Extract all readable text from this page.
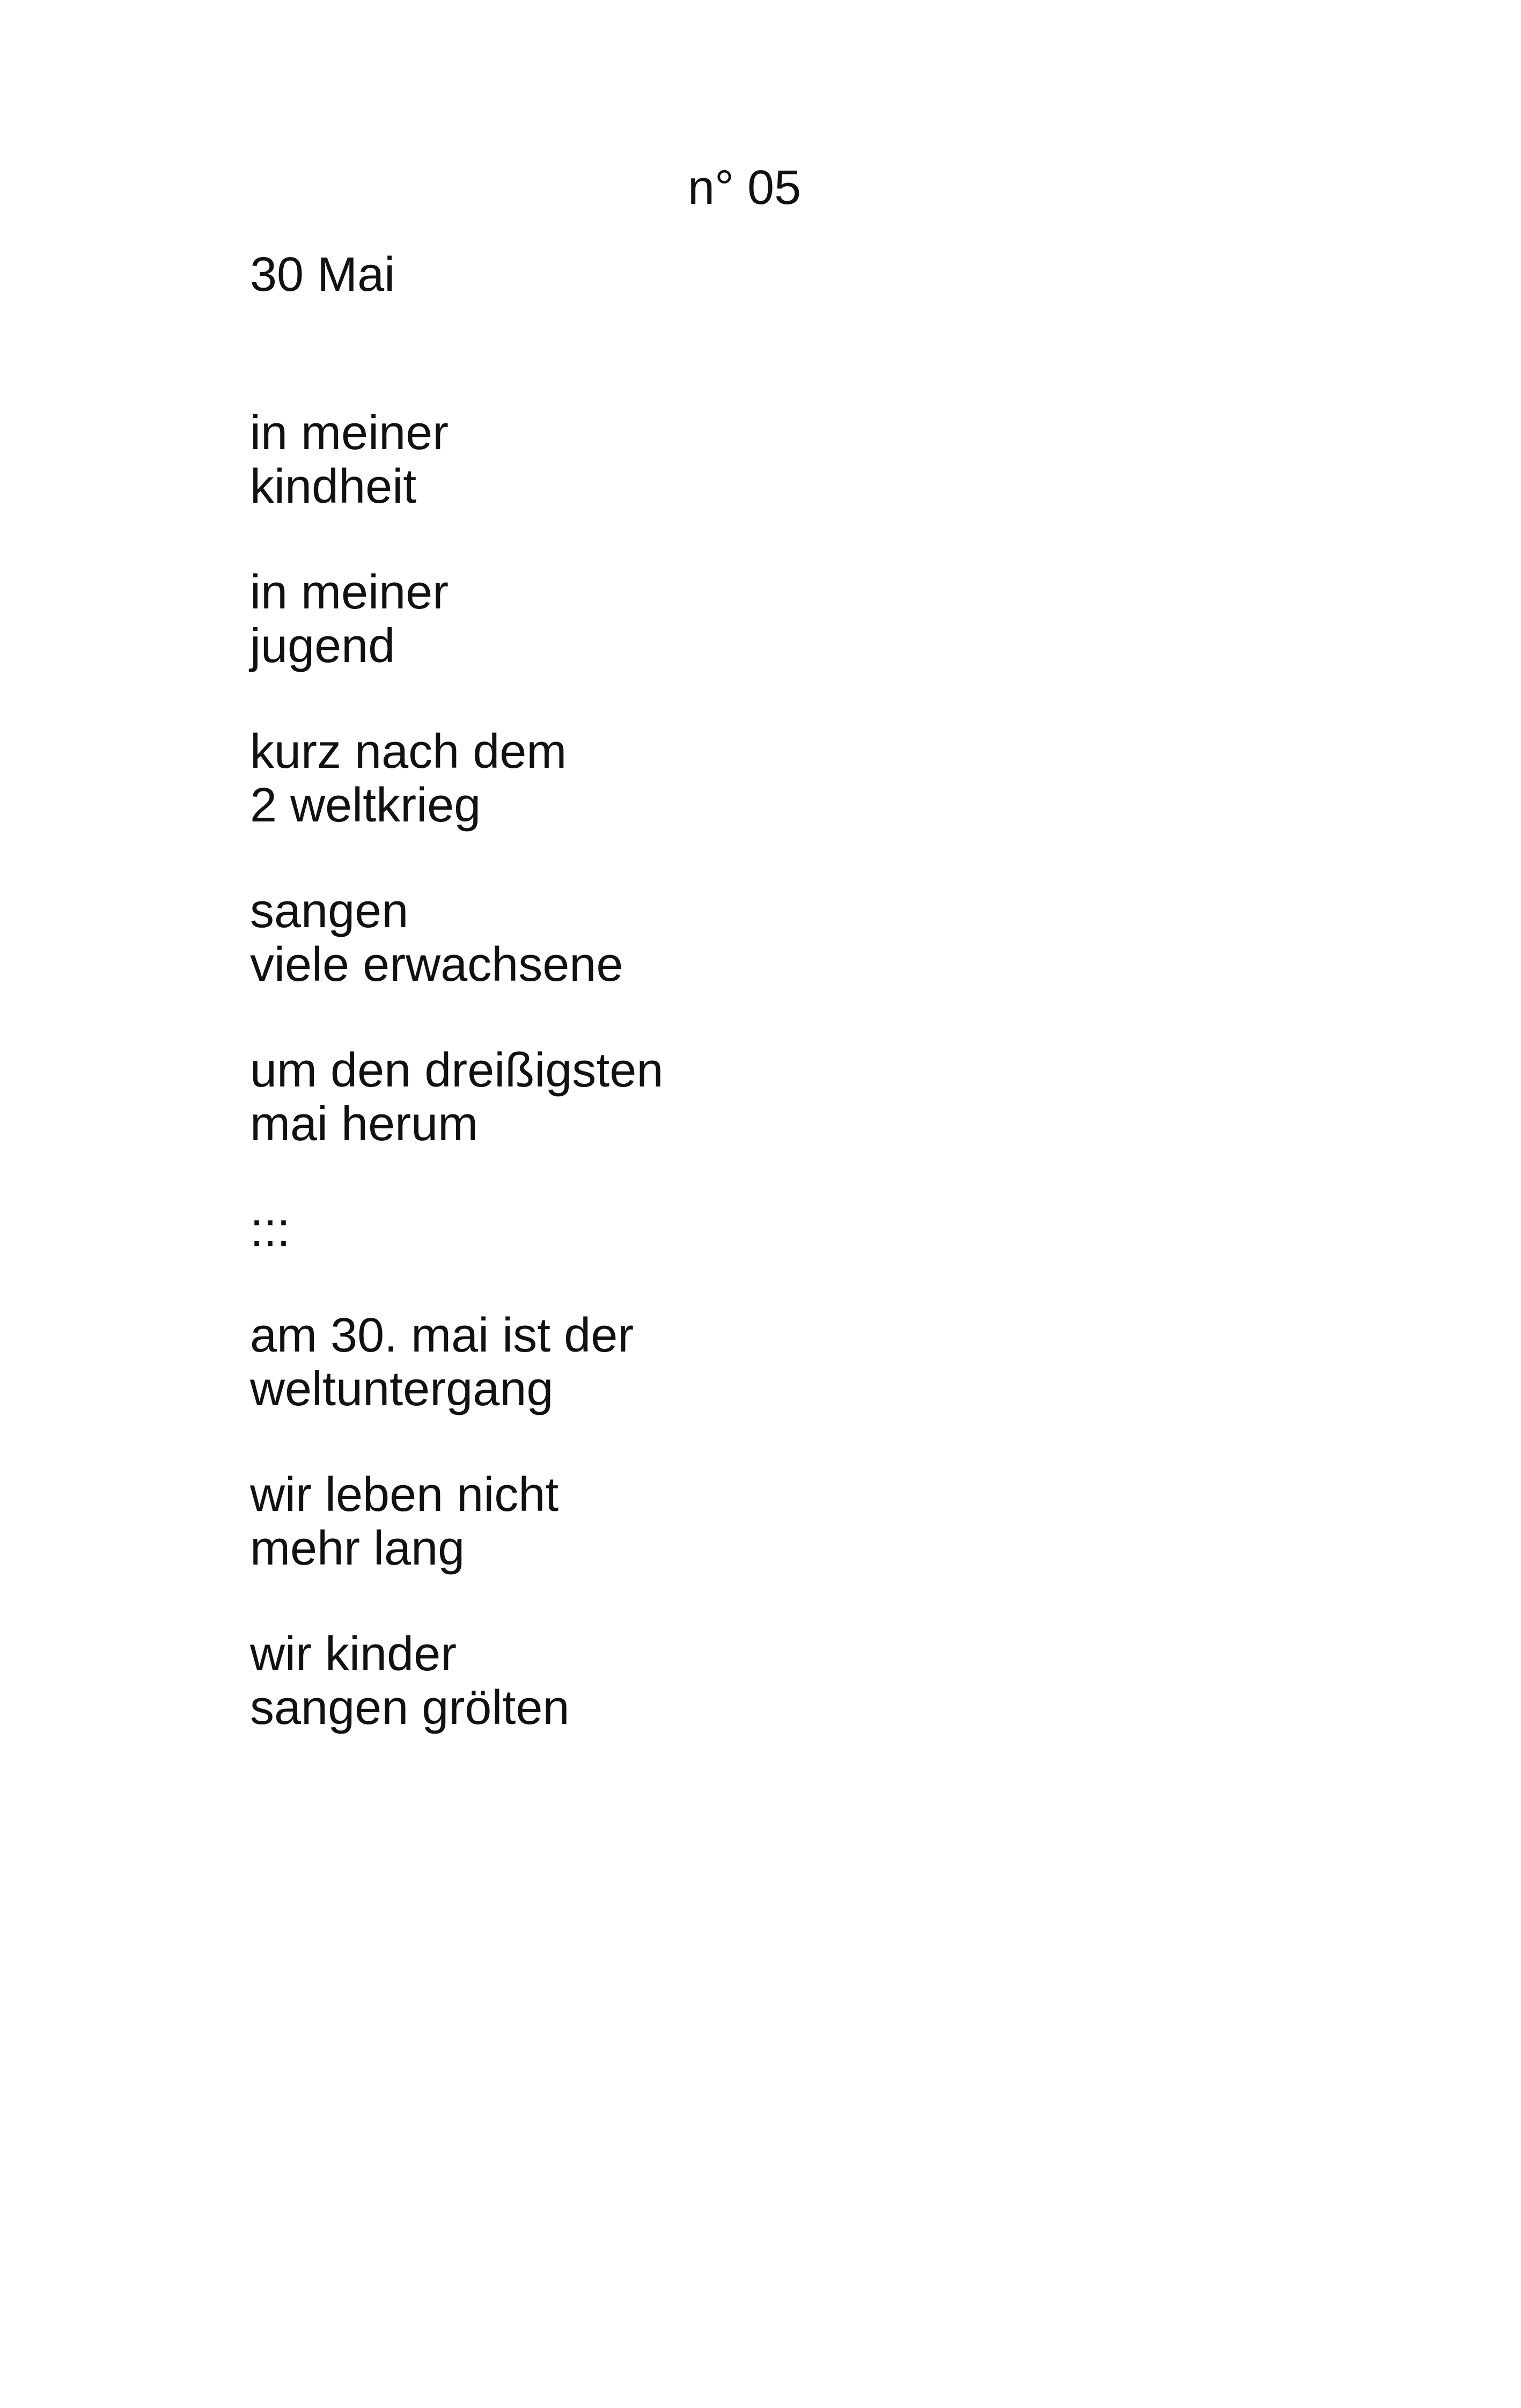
n° 05
30 Mai
in meiner
kindheit
in meiner
jugend
kurz nach dem
2 weltkrieg
sangen
viele erwachsene
um den dreißigsten
mai herum
:::
am 30. mai ist der
weltuntergang
wir leben nicht
mehr lang
wir kinder
sangen grölten
